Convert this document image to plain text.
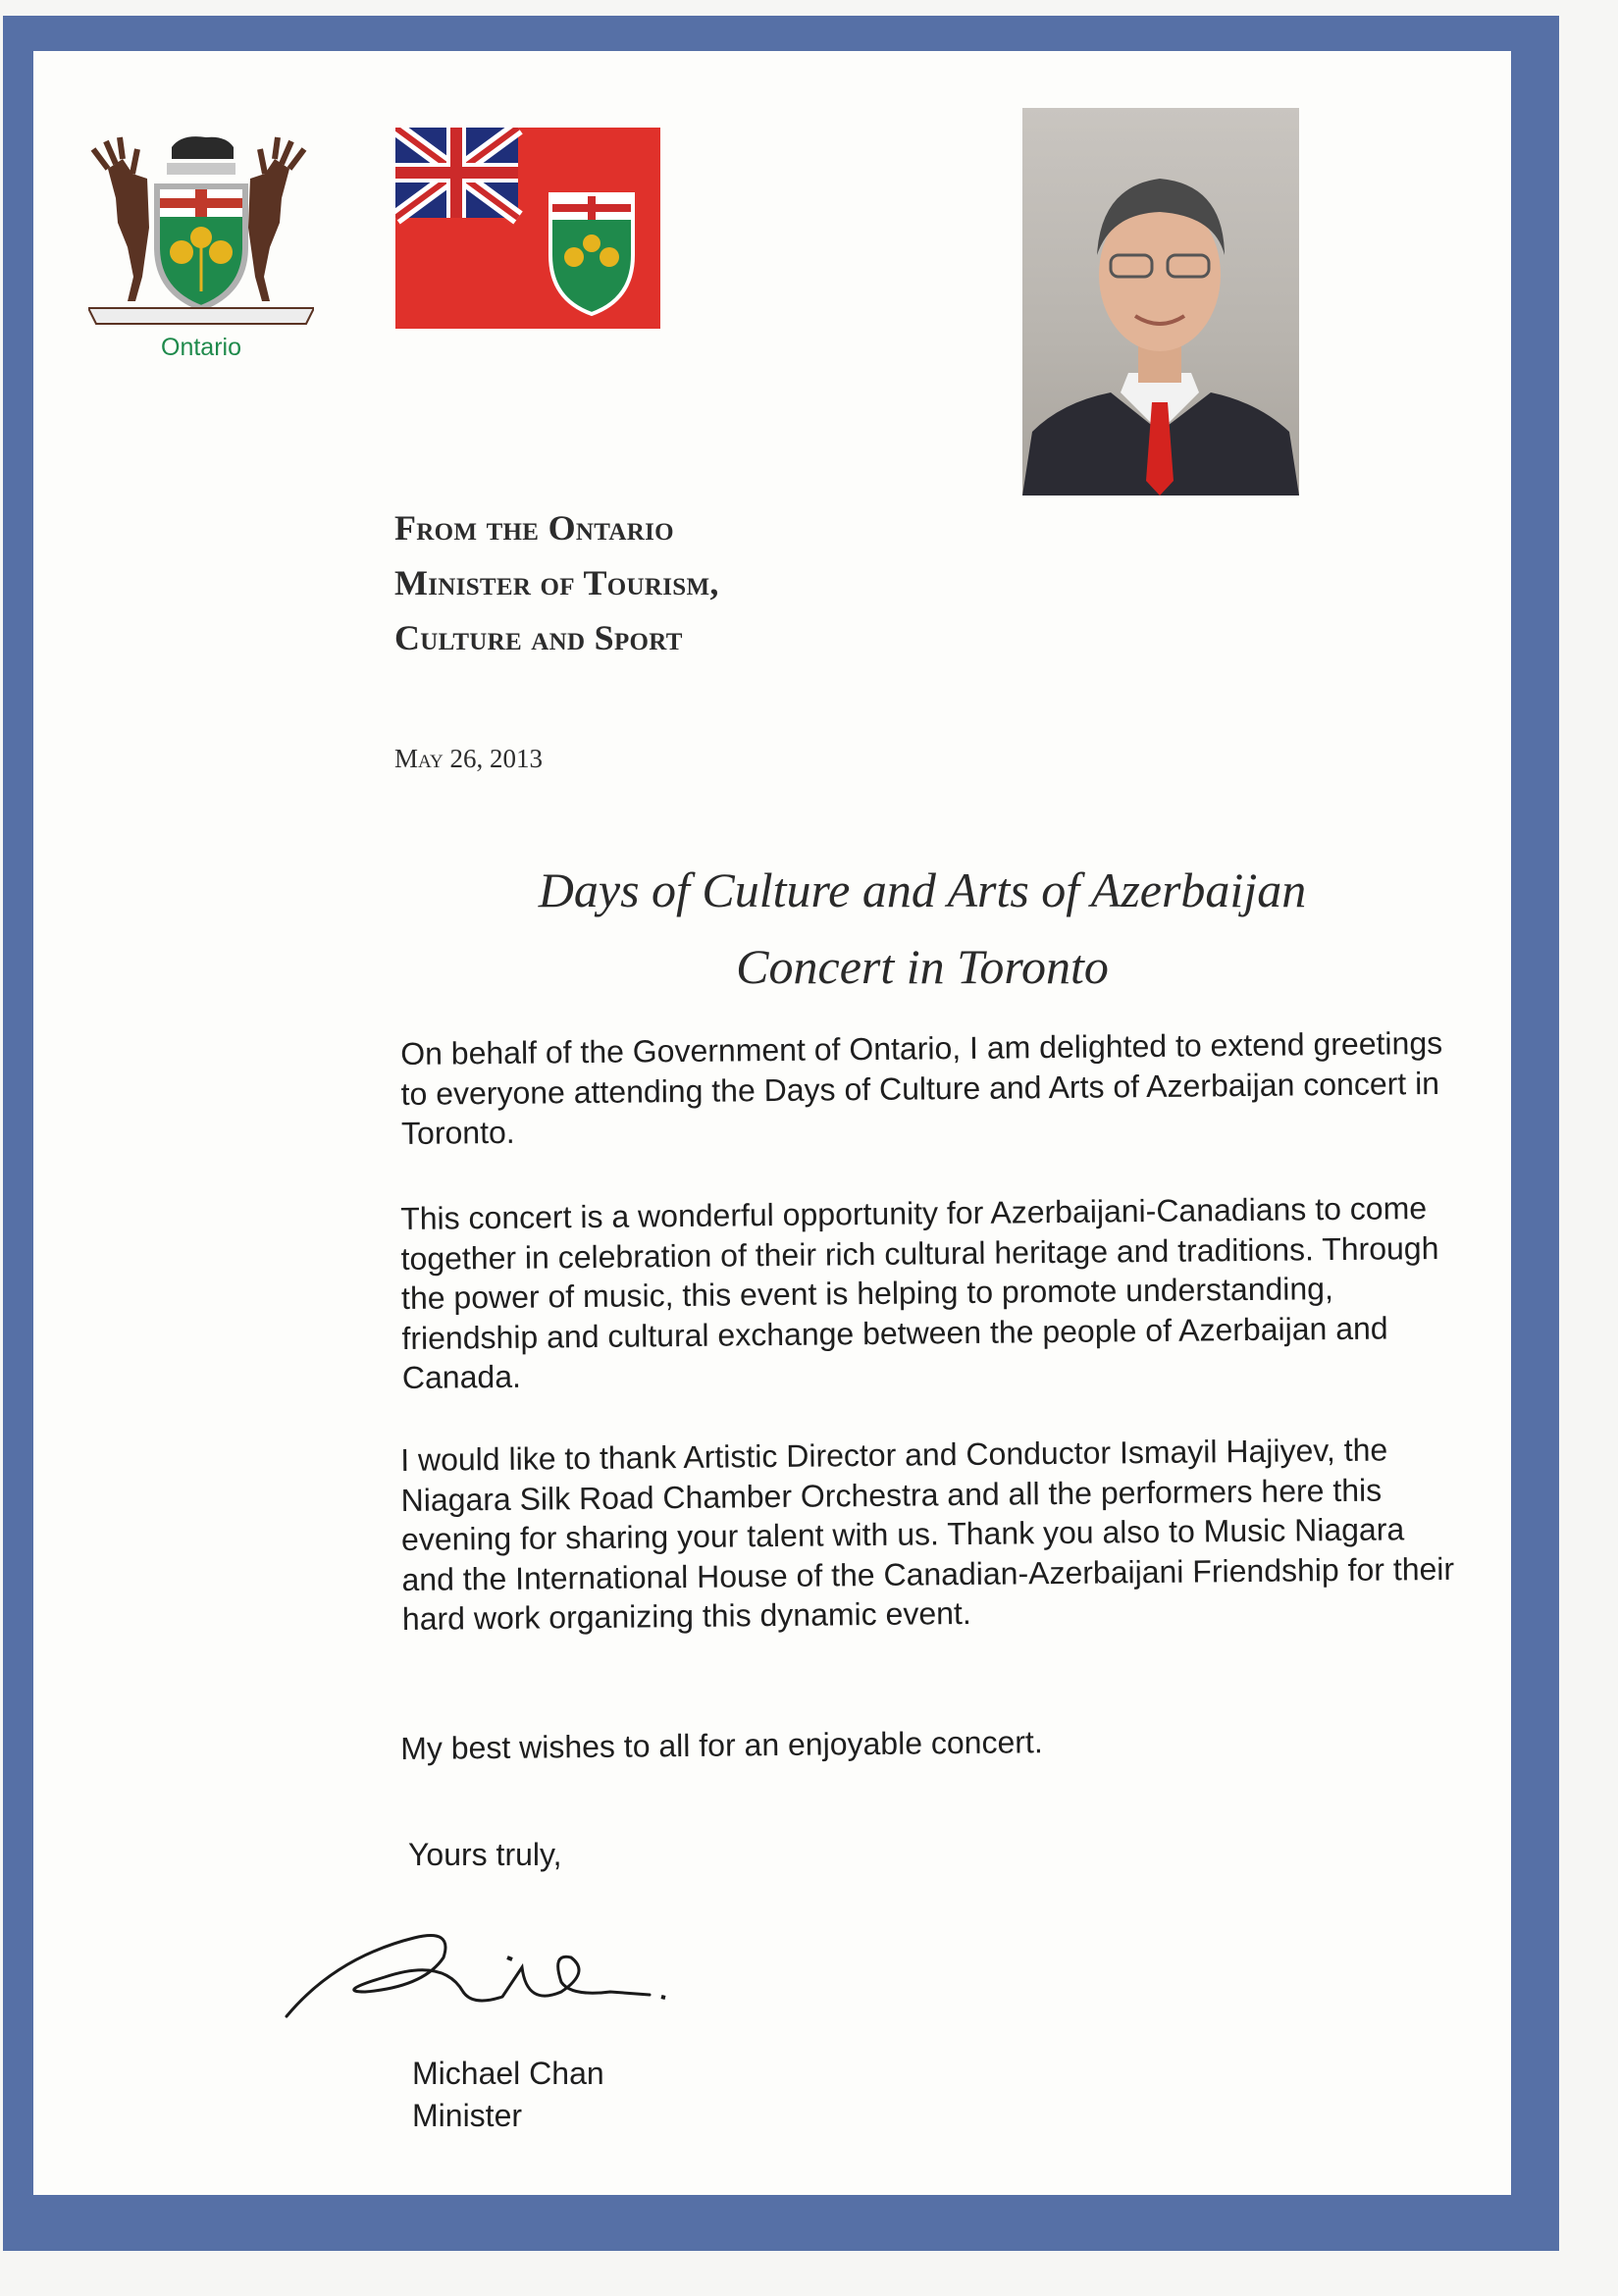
Ontario
From the Ontario
Minister of Tourism,
Culture and Sport
May 26, 2013
Days of Culture and Arts of Azerbaijan
Concert in Toronto
On behalf of the Government of Ontario, I am delighted to extend greetings to everyone attending the Days of Culture and Arts of Azerbaijan concert in Toronto.
This concert is a wonderful opportunity for Azerbaijani-Canadians to come together in celebration of their rich cultural heritage and traditions. Through the power of music, this event is helping to promote understanding, friendship and cultural exchange between the people of Azerbaijan and Canada.
I would like to thank Artistic Director and Conductor Ismayil Hajiyev, the Niagara Silk Road Chamber Orchestra and all the performers here this evening for sharing your talent with us. Thank you also to Music Niagara and the International House of the Canadian-Azerbaijani Friendship for their hard work organizing this dynamic event.
My best wishes to all for an enjoyable concert.
Yours truly,
Michael Chan
Minister
